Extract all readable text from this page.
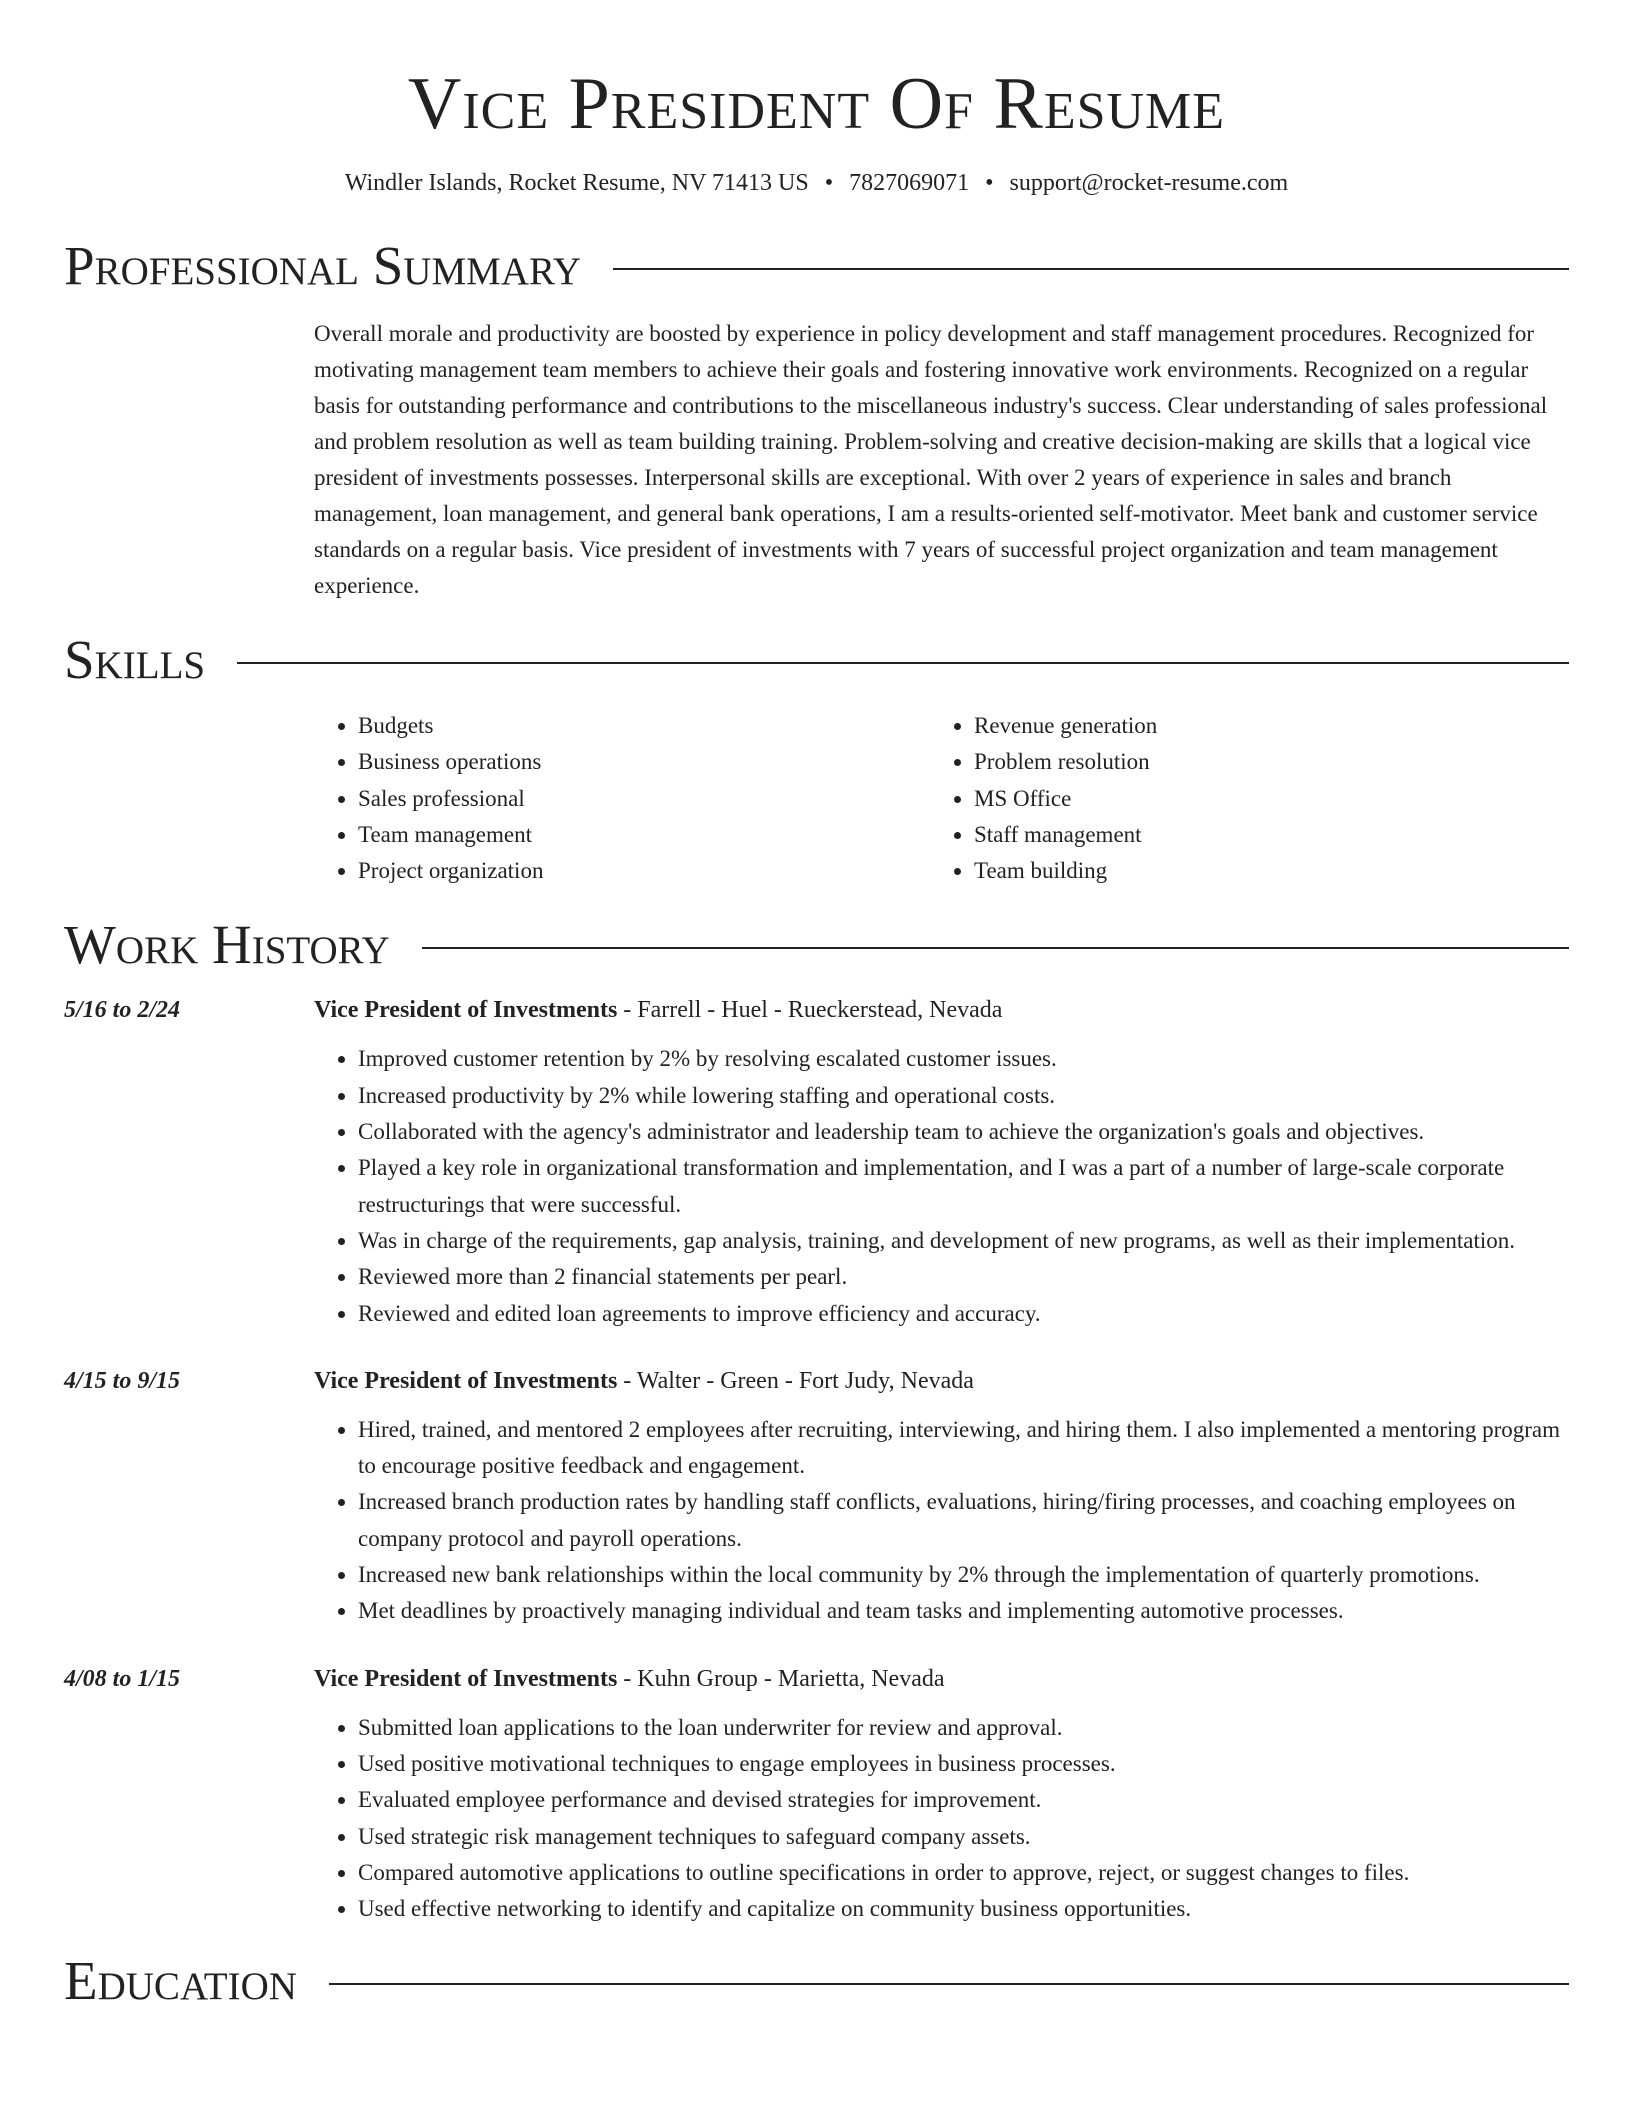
Vice President Of Resume
Windler Islands, Rocket Resume, NV 71413 US • 7827069071 • support@rocket-resume.com
Professional Summary

Overall morale and productivity are boosted by experience in policy development and staff management procedures. Recognized for motivating management team members to achieve their goals and fostering innovative work environments. Recognized on a regular basis for outstanding performance and contributions to the miscellaneous industry's success. Clear understanding of sales professional and problem resolution as well as team building training. Problem-solving and creative decision-making are skills that a logical vice president of investments possesses. Interpersonal skills are exceptional. With over 2 years of experience in sales and branch management, loan management, and general bank operations, I am a results-oriented self-motivator. Meet bank and customer service standards on a regular basis. Vice president of investments with 7 years of successful project organization and team management experience.

Skills
• Budgets
• Business operations
• Sales professional
• Team management
• Project organization
• Revenue generation
• Problem resolution
• MS Office
• Staff management
• Team building
Work History
5/16 to 2/24	Vice President of Investments - Farrell - Huel - Rueckerstead, Nevada
• Improved customer retention by 2% by resolving escalated customer issues.
• Increased productivity by 2% while lowering staffing and operational costs.
• Collaborated with the agency's administrator and leadership team to achieve the organization's goals and objectives.
• Played a key role in organizational transformation and implementation, and I was a part of a number of large-scale corporate restructurings that were successful.
• Was in charge of the requirements, gap analysis, training, and development of new programs, as well as their implementation.
• Reviewed more than 2 financial statements per pearl.
• Reviewed and edited loan agreements to improve efficiency and accuracy.
4/15 to 9/15	Vice President of Investments - Walter - Green - Fort Judy, Nevada
• Hired, trained, and mentored 2 employees after recruiting, interviewing, and hiring them. I also implemented a mentoring program to encourage positive feedback and engagement.
• Increased branch production rates by handling staff conflicts, evaluations, hiring/firing processes, and coaching employees on company protocol and payroll operations.
• Increased new bank relationships within the local community by 2% through the implementation of quarterly promotions.
• Met deadlines by proactively managing individual and team tasks and implementing automotive processes.
4/08 to 1/15	Vice President of Investments - Kuhn Group - Marietta, Nevada
• Submitted loan applications to the loan underwriter for review and approval.
• Used positive motivational techniques to engage employees in business processes.
• Evaluated employee performance and devised strategies for improvement.
• Used strategic risk management techniques to safeguard company assets.
• Compared automotive applications to outline specifications in order to approve, reject, or suggest changes to files.
• Used effective networking to identify and capitalize on community business opportunities.
Education
